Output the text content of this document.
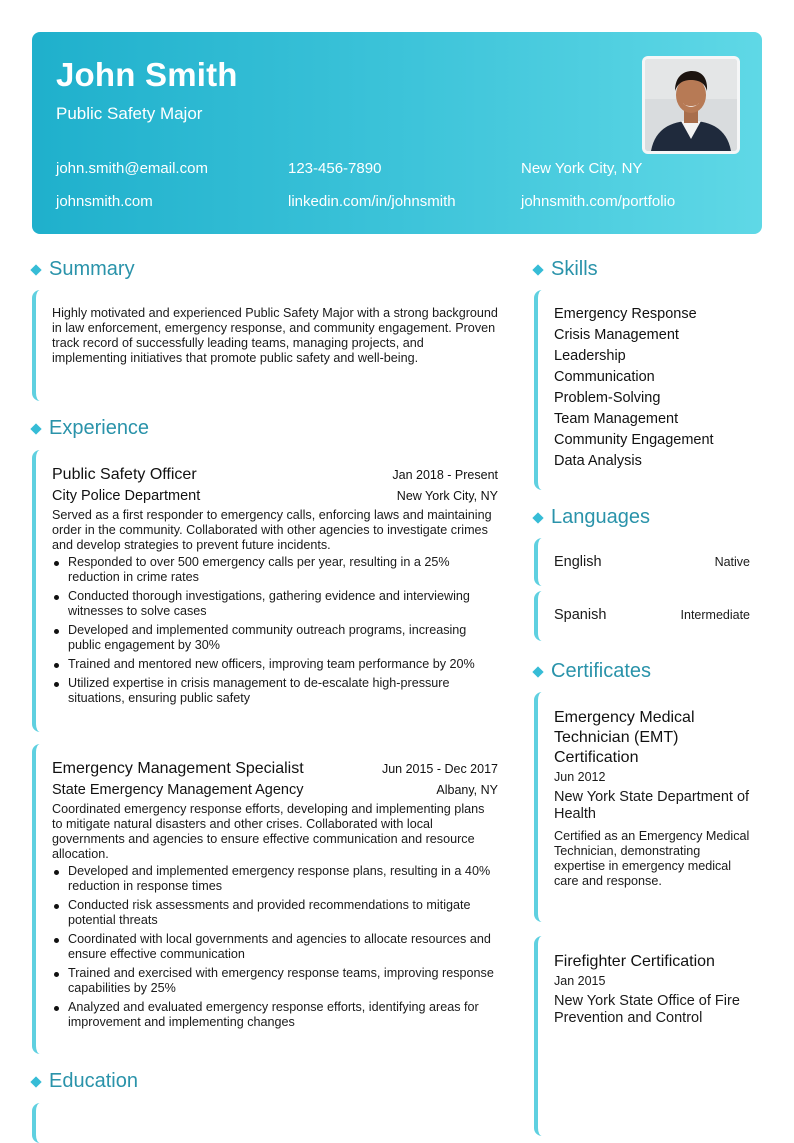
John Smith
Public Safety Major
john.smith@email.com	123-456-7890	New York City, NY
johnsmith.com	linkedin.com/in/johnsmith	johnsmith.com/portfolio
Summary

Highly motivated and experienced Public Safety Major with a strong background in law enforcement, emergency response, and community engagement. Proven track record of successfully leading teams, managing projects, and implementing initiatives that promote public safety and well-being.

Experience
Public Safety Officer	Jan 2018 - Present
City Police Department	New York City, NY

Served as a first responder to emergency calls, enforcing laws and maintaining order in the community. Collaborated with other agencies to investigate crimes and develop strategies to prevent future incidents.

Responded to over 500 emergency calls per year, resulting in a 25% reduction in crime rates
Conducted thorough investigations, gathering evidence and interviewing witnesses to solve cases
Developed and implemented community outreach programs, increasing public engagement by 30%
Trained and mentored new officers, improving team performance by 20%
Utilized expertise in crisis management to de-escalate high-pressure situations, ensuring public safety
Emergency Management Specialist	Jun 2015 - Dec 2017
State Emergency Management Agency	Albany, NY

Coordinated emergency response efforts, developing and implementing plans to mitigate natural disasters and other crises. Collaborated with local governments and agencies to ensure effective communication and resource allocation.

Developed and implemented emergency response plans, resulting in a 40% reduction in response times
Conducted risk assessments and provided recommendations to mitigate potential threats
Coordinated with local governments and agencies to allocate resources and ensure effective communication
Trained and exercised with emergency response teams, improving response capabilities by 25%
Analyzed and evaluated emergency response efforts, identifying areas for improvement and implementing changes
Education
Skills
Emergency Response
Crisis Management
Leadership
Communication
Problem-Solving
Team Management
Community Engagement
Data Analysis
Languages
English	Native
Spanish	Intermediate
Certificates
Emergency Medical Technician (EMT) Certification
Jun 2012
New York State Department of Health
Certified as an Emergency Medical Technician, demonstrating expertise in emergency medical care and response.
Firefighter Certification
Jan 2015
New York State Office of Fire Prevention and Control
